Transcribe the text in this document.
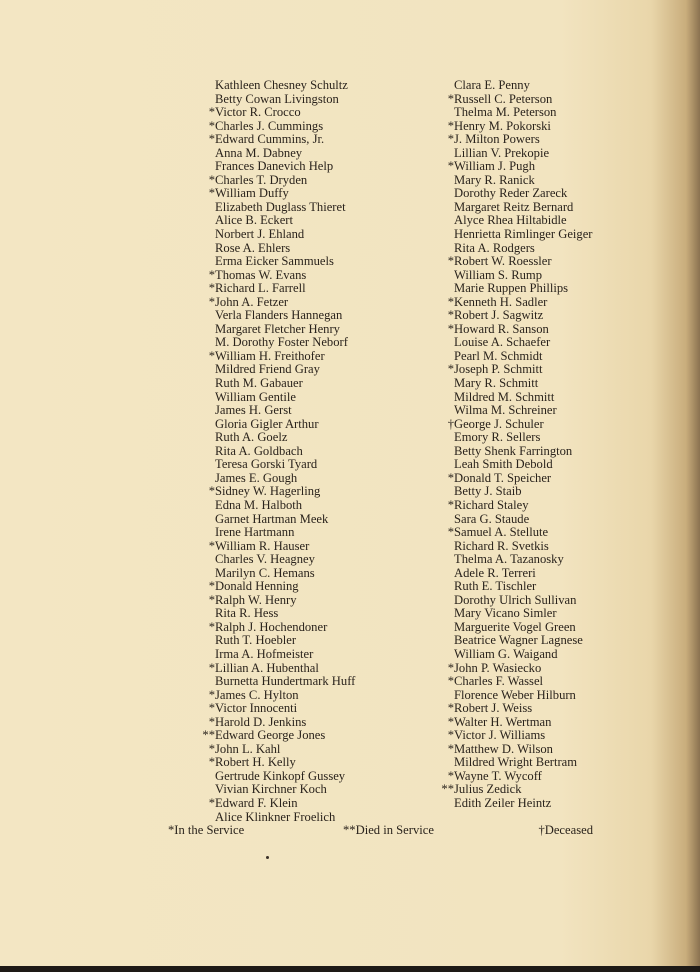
Kathleen Chesney Schultz
Betty Cowan Livingston
* Victor R. Crocco
* Charles J. Cummings
* Edward Cummins, Jr.
Anna M. Dabney
Frances Danevich Help
* Charles T. Dryden
* William Duffy
Elizabeth Duglass Thieret
Alice B. Eckert
Norbert J. Ehland
Rose A. Ehlers
Erma Eicker Sammuels
* Thomas W. Evans
* Richard L. Farrell
* John A. Fetzer
Verla Flanders Hannegan
Margaret Fletcher Henry
M. Dorothy Foster Neborf
* William H. Freithofer
Mildred Friend Gray
Ruth M. Gabauer
William Gentile
James H. Gerst
Gloria Gigler Arthur
Ruth A. Goelz
Rita A. Goldbach
Teresa Gorski Tyard
James E. Gough
* Sidney W. Hagerling
Edna M. Halboth
Garnet Hartman Meek
Irene Hartmann
* William R. Hauser
Charles V. Heagney
Marilyn C. Hemans
* Donald Henning
* Ralph W. Henry
Rita R. Hess
* Ralph J. Hochendoner
Ruth T. Hoebler
Irma A. Hofmeister
* Lillian A. Hubenthal
Burnetta Hundertmark Huff
* James C. Hylton
* Victor Innocenti
* Harold D. Jenkins
** Edward George Jones
* John L. Kahl
* Robert H. Kelly
Gertrude Kinkopf Gussey
Vivian Kirchner Koch
* Edward F. Klein
Alice Klinkner Froelich
Clara E. Penny
* Russell C. Peterson
Thelma M. Peterson
* Henry M. Pokorski
* J. Milton Powers
Lillian V. Prekopie
* William J. Pugh
Mary R. Ranick
Dorothy Reder Zareck
Margaret Reitz Bernard
Alyce Rhea Hiltabidle
Henrietta Rimlinger Geiger
Rita A. Rodgers
* Robert W. Roessler
William S. Rump
Marie Ruppen Phillips
* Kenneth H. Sadler
* Robert J. Sagwitz
* Howard R. Sanson
Louise A. Schaefer
Pearl M. Schmidt
* Joseph P. Schmitt
Mary R. Schmitt
Mildred M. Schmitt
Wilma M. Schreiner
† George J. Schuler
Emory R. Sellers
Betty Shenk Farrington
Leah Smith Debold
* Donald T. Speicher
Betty J. Staib
* Richard Staley
Sara G. Staude
* Samuel A. Stellute
Richard R. Svetkis
Thelma A. Tazanosky
Adele R. Terreri
Ruth E. Tischler
Dorothy Ulrich Sullivan
Mary Vicano Simler
Marguerite Vogel Green
Beatrice Wagner Lagnese
William G. Waigand
* John P. Wasiecko
* Charles F. Wassel
Florence Weber Hilburn
* Robert J. Weiss
* Walter H. Wertman
* Victor J. Williams
* Matthew D. Wilson
Mildred Wright Bertram
* Wayne T. Wycoff
** Julius Zedick
Edith Zeiler Heintz
*In the Service	**Died in Service	†Deceased
